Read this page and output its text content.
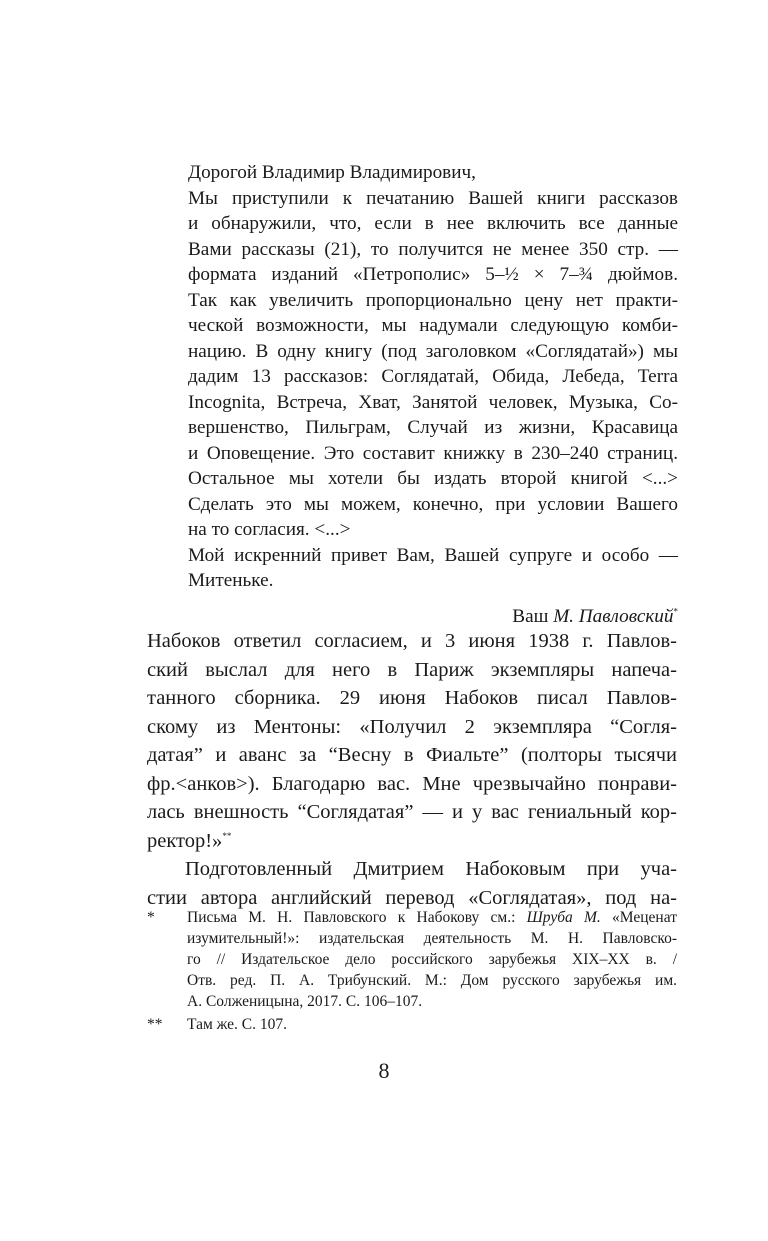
Дорогой Владимир Владимирович,
Мы приступили к печатанию Вашей книги рассказов
и обнаружили, что, если в нее включить все данные
Вами рассказы (21), то получится не менее 350 стр. —
формата изданий «Петрополис» 5–½ × 7–¾ дюймов.
Так как увеличить пропорционально цену нет практи-
ческой возможности, мы надумали следующую комби-
нацию. В одну книгу (под заголовком «Соглядатай») мы
дадим 13 рассказов: Соглядатай, Обида, Лебеда, Terra
Incognita, Встреча, Хват, Занятой человек, Музыка, Со-
вершенство, Пильграм, Случай из жизни, Красавица
и Оповещение. Это составит книжку в 230–240 страниц.
Остальное мы хотели бы издать второй книгой <...>
Сделать это мы можем, конечно, при условии Вашего
на то согласия. <...>
Мой искренний привет Вам, Вашей супруге и особо —
Митеньке.
Ваш М. Павловский*
Набоков ответил согласием, и 3 июня 1938 г. Павлов-
ский выслал для него в Париж экземпляры напеча-
танного сборника. 29 июня Набоков писал Павлов-
скому из Ментоны: «Получил 2 экземпляра “Согля-
датая” и аванс за “Весну в Фиальте” (полторы тысячи
фр.<анков>). Благодарю вас. Мне чрезвычайно понрави-
лась внешность “Соглядатая” — и у вас гениальный кор-
ректор!»**
Подготовленный Дмитрием Набоковым при уча-
стии автора английский перевод «Соглядатая», под на-
* Письма М. Н. Павловского к Набокову см.: Шруба М. «Меценат
изумительный!»: издательская деятельность М. Н. Павловско-
го // Издательское дело российского зарубежья XIX–XX в. /
Отв. ред. П. А. Трибунский. М.: Дом русского зарубежья им.
А. Солженицына, 2017. С. 106–107.
** Там же. С. 107.
8
